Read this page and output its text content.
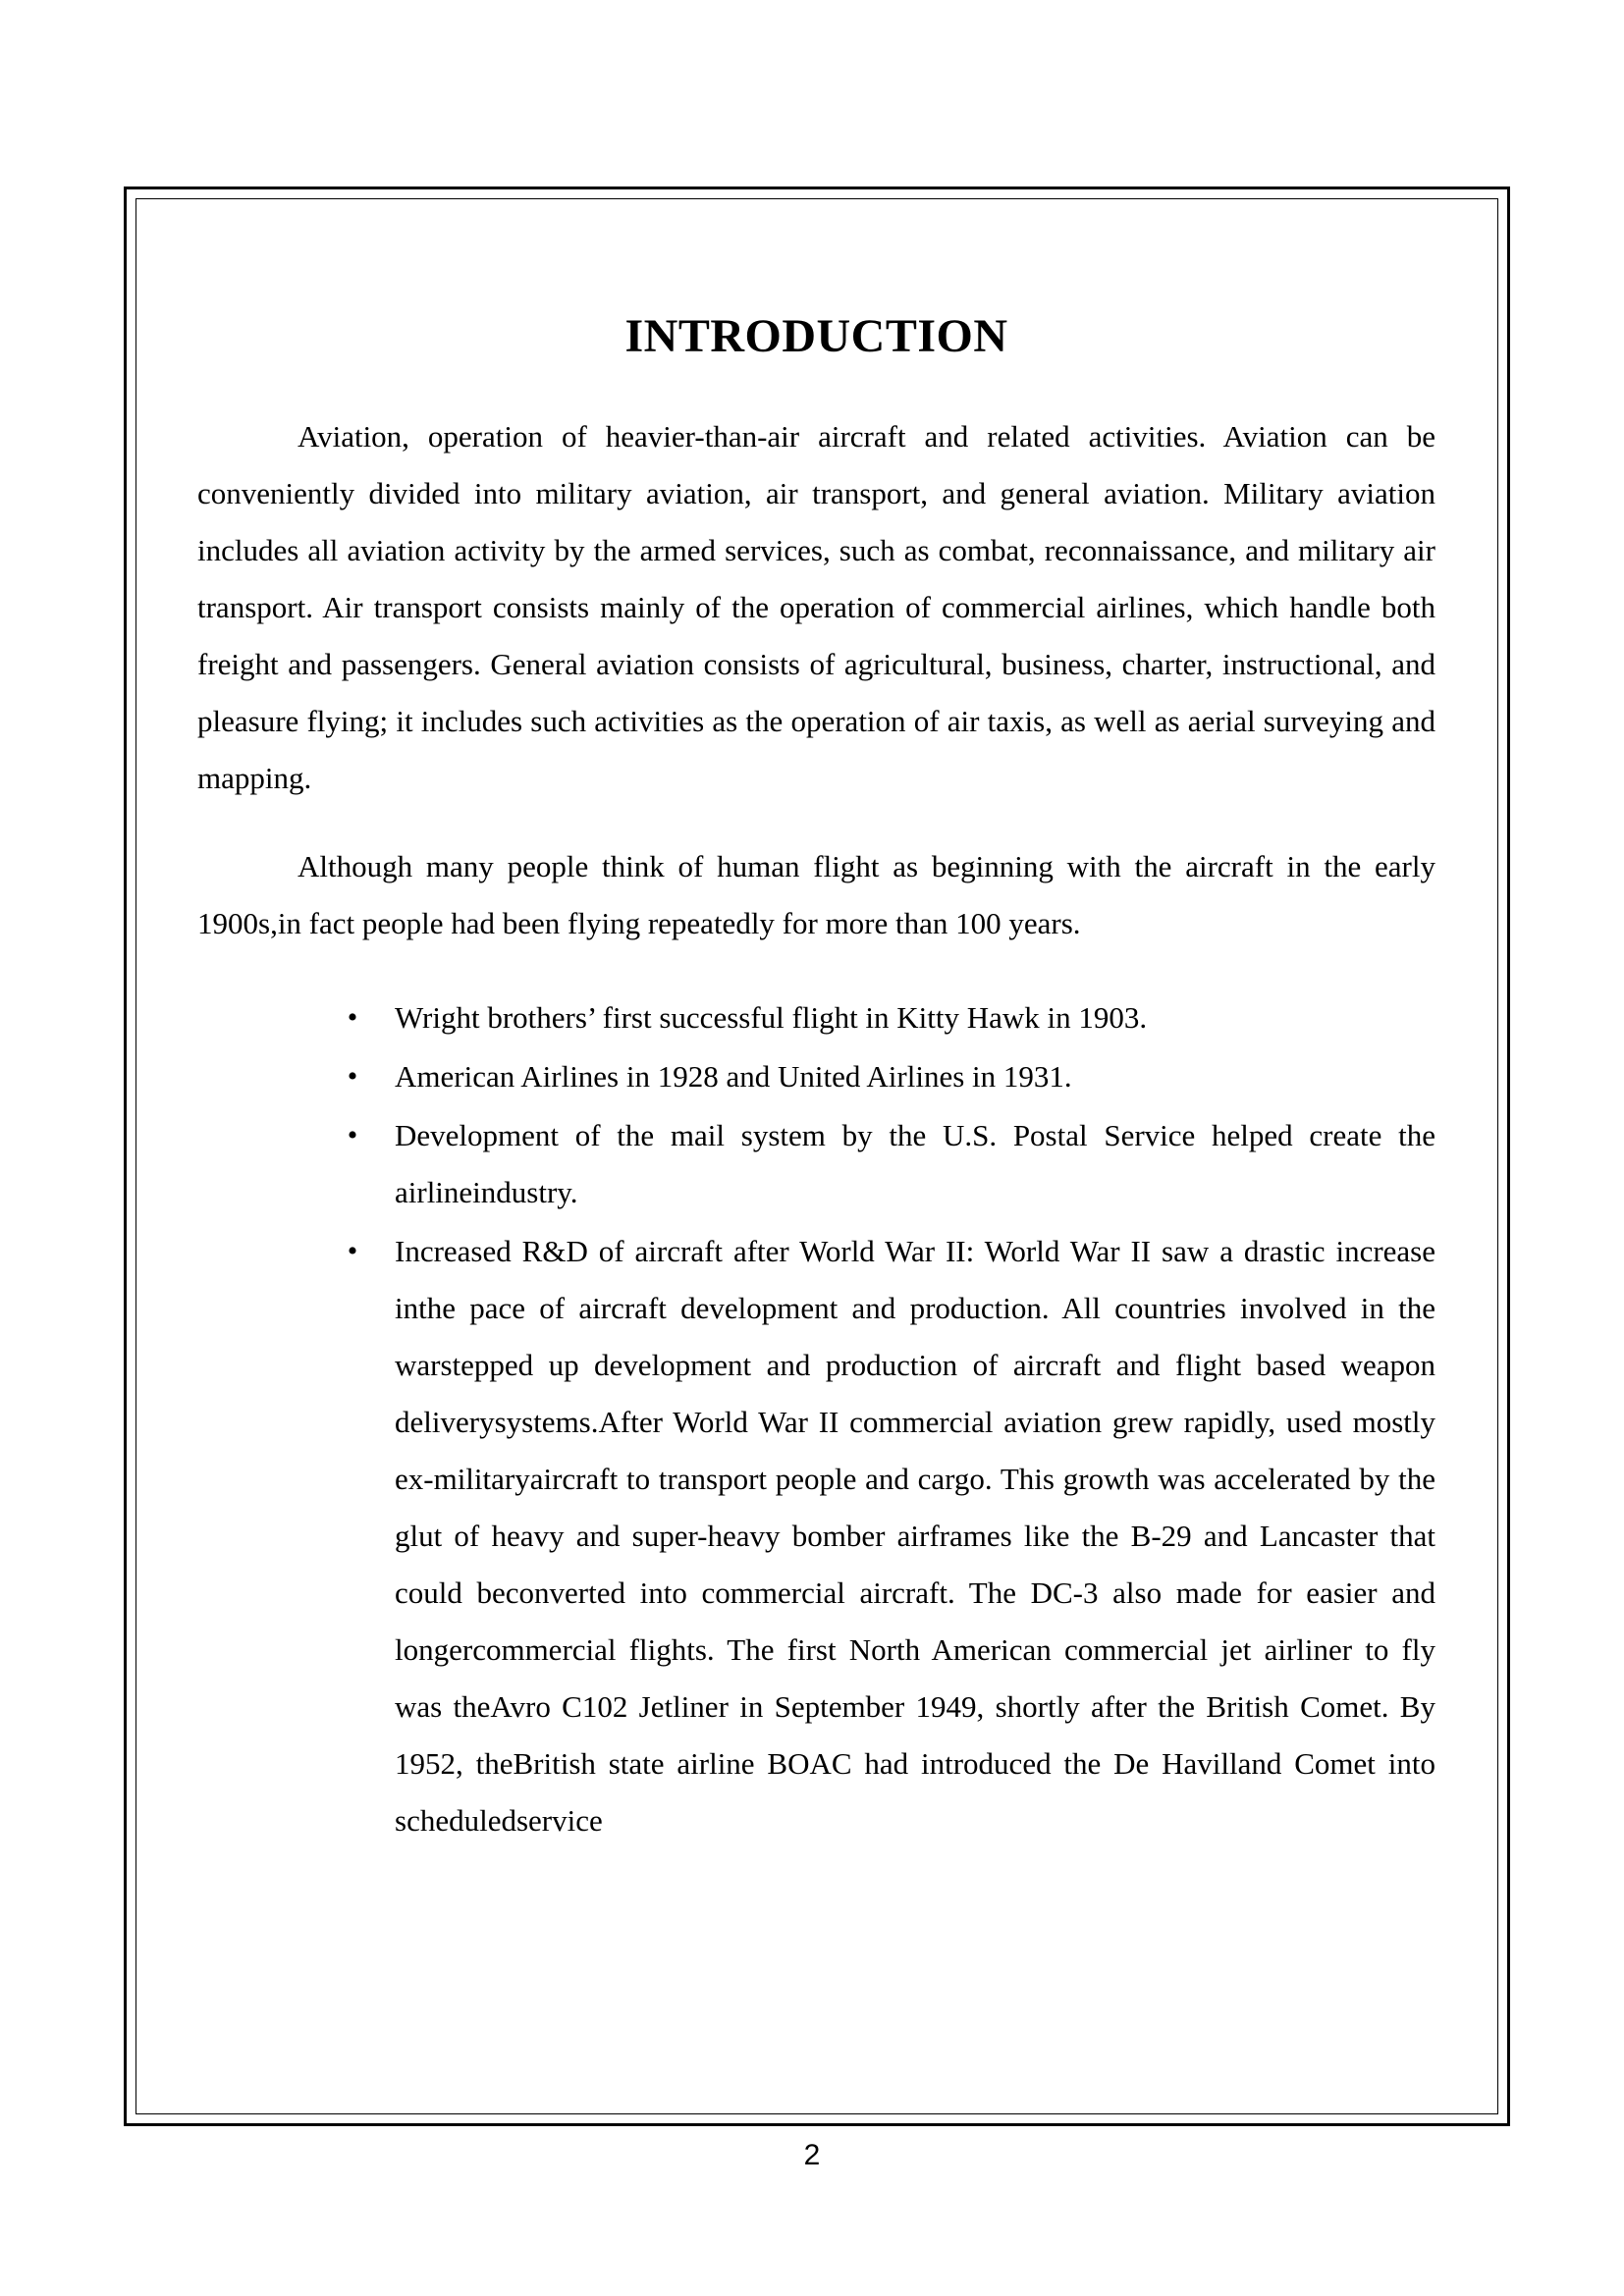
INTRODUCTION

Aviation, operation of heavier-than-air aircraft and related activities. Aviation can be conveniently divided into military aviation, air transport, and general aviation. Military aviation includes all aviation activity by the armed services, such as combat, reconnaissance, and military air transport. Air transport consists mainly of the operation of commercial airlines, which handle both freight and passengers. General aviation consists of agricultural, business, charter, instructional, and pleasure flying; it includes such activities as the operation of air taxis, as well as aerial surveying and mapping.

Although many people think of human flight as beginning with the aircraft in the early 1900s,in fact people had been flying repeatedly for more than 100 years.

• Wright brothers’ first successful flight in Kitty Hawk in 1903.
• American Airlines in 1928 and United Airlines in 1931.
• Development of the mail system by the U.S. Postal Service helped create the airlineindustry.
• Increased R&D of aircraft after World War II: World War II saw a drastic increase inthe pace of aircraft development and production. All countries involved in the warstepped up development and production of aircraft and flight based weapon deliverysystems.After World War II commercial aviation grew rapidly, used mostly ex-militaryaircraft to transport people and cargo. This growth was accelerated by the glut of heavy and super-heavy bomber airframes like the B-29 and Lancaster that could beconverted into commercial aircraft. The DC-3 also made for easier and longercommercial flights. The first North American commercial jet airliner to fly was theAvro C102 Jetliner in September 1949, shortly after the British Comet. By 1952, theBritish state airline BOAC had introduced the De Havilland Comet into scheduledservice
2
